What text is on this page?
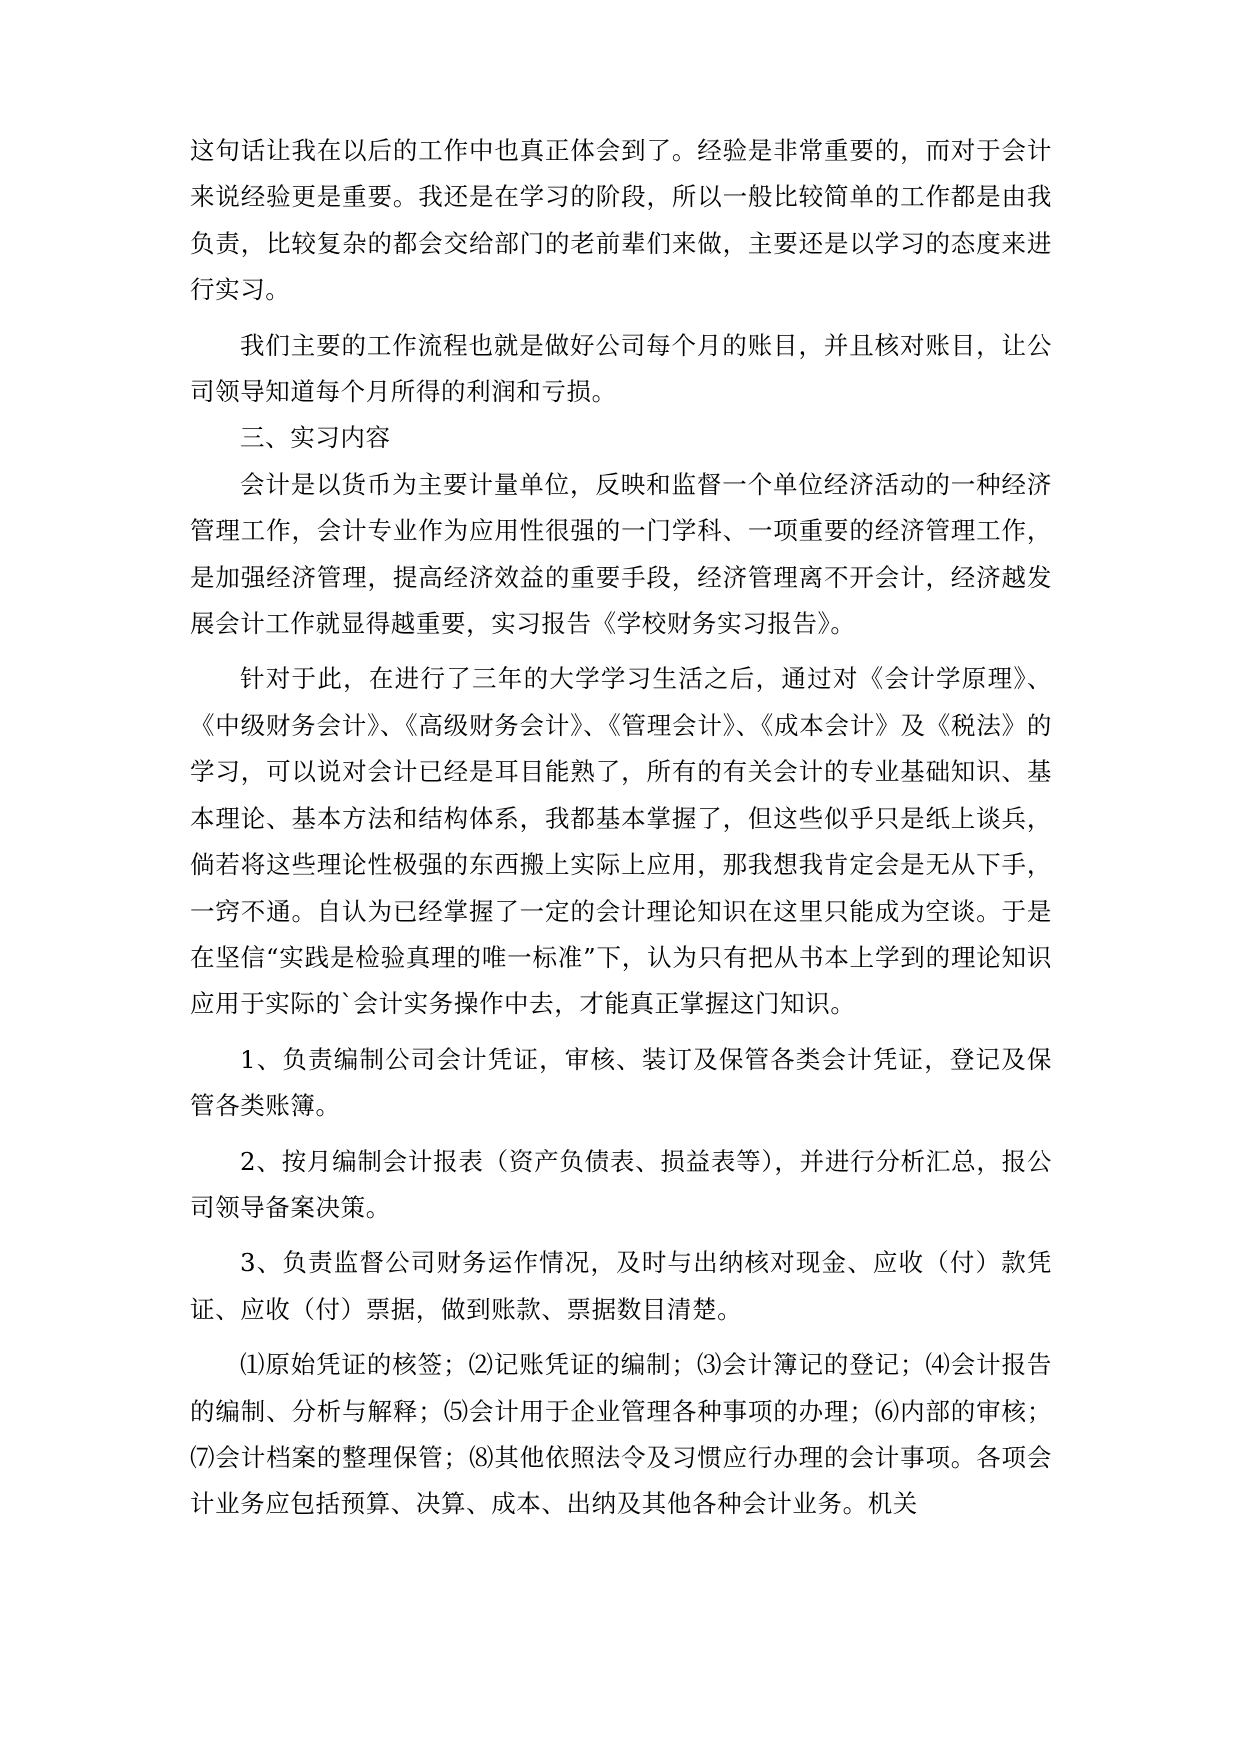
这句话让我在以后的工作中也真正体会到了。经验是非常重要的，而对于会计来说经验更是重要。我还是在学习的阶段，所以一般比较简单的工作都是由我负责，比较复杂的都会交给部门的老前辈们来做，主要还是以学习的态度来进行实习。

我们主要的工作流程也就是做好公司每个月的账目，并且核对账目，让公司领导知道每个月所得的利润和亏损。

三、实习内容

会计是以货币为主要计量单位，反映和监督一个单位经济活动的一种经济管理工作，会计专业作为应用性很强的一门学科、一项重要的经济管理工作，是加强经济管理，提高经济效益的重要手段，经济管理离不开会计，经济越发展会计工作就显得越重要，实习报告《学校财务实习报告》。

针对于此，在进行了三年的大学学习生活之后，通过对《会计学原理》、《中级财务会计》、《高级财务会计》、《管理会计》、《成本会计》及《税法》的学习，可以说对会计已经是耳目能熟了，所有的有关会计的专业基础知识、基本理论、基本方法和结构体系，我都基本掌握了，但这些似乎只是纸上谈兵，倘若将这些理论性极强的东西搬上实际上应用，那我想我肯定会是无从下手，一窍不通。自认为已经掌握了一定的会计理论知识在这里只能成为空谈。于是在坚信“实践是检验真理的唯一标准”下，认为只有把从书本上学到的理论知识应用于实际的`会计实务操作中去，才能真正掌握这门知识。

1、负责编制公司会计凭证，审核、装订及保管各类会计凭证，登记及保管各类账簿。

2、按月编制会计报表（资产负债表、损益表等），并进行分析汇总，报公司领导备案决策。

3、负责监督公司财务运作情况，及时与出纳核对现金、应收（付）款凭证、应收（付）票据，做到账款、票据数目清楚。

⑴原始凭证的核签；⑵记账凭证的编制；⑶会计簿记的登记；⑷会计报告的编制、分析与解释；⑸会计用于企业管理各种事项的办理；⑹内部的审核；⑺会计档案的整理保管；⑻其他依照法令及习惯应行办理的会计事项。各项会计业务应包括预算、决算、成本、出纳及其他各种会计业务。机关
